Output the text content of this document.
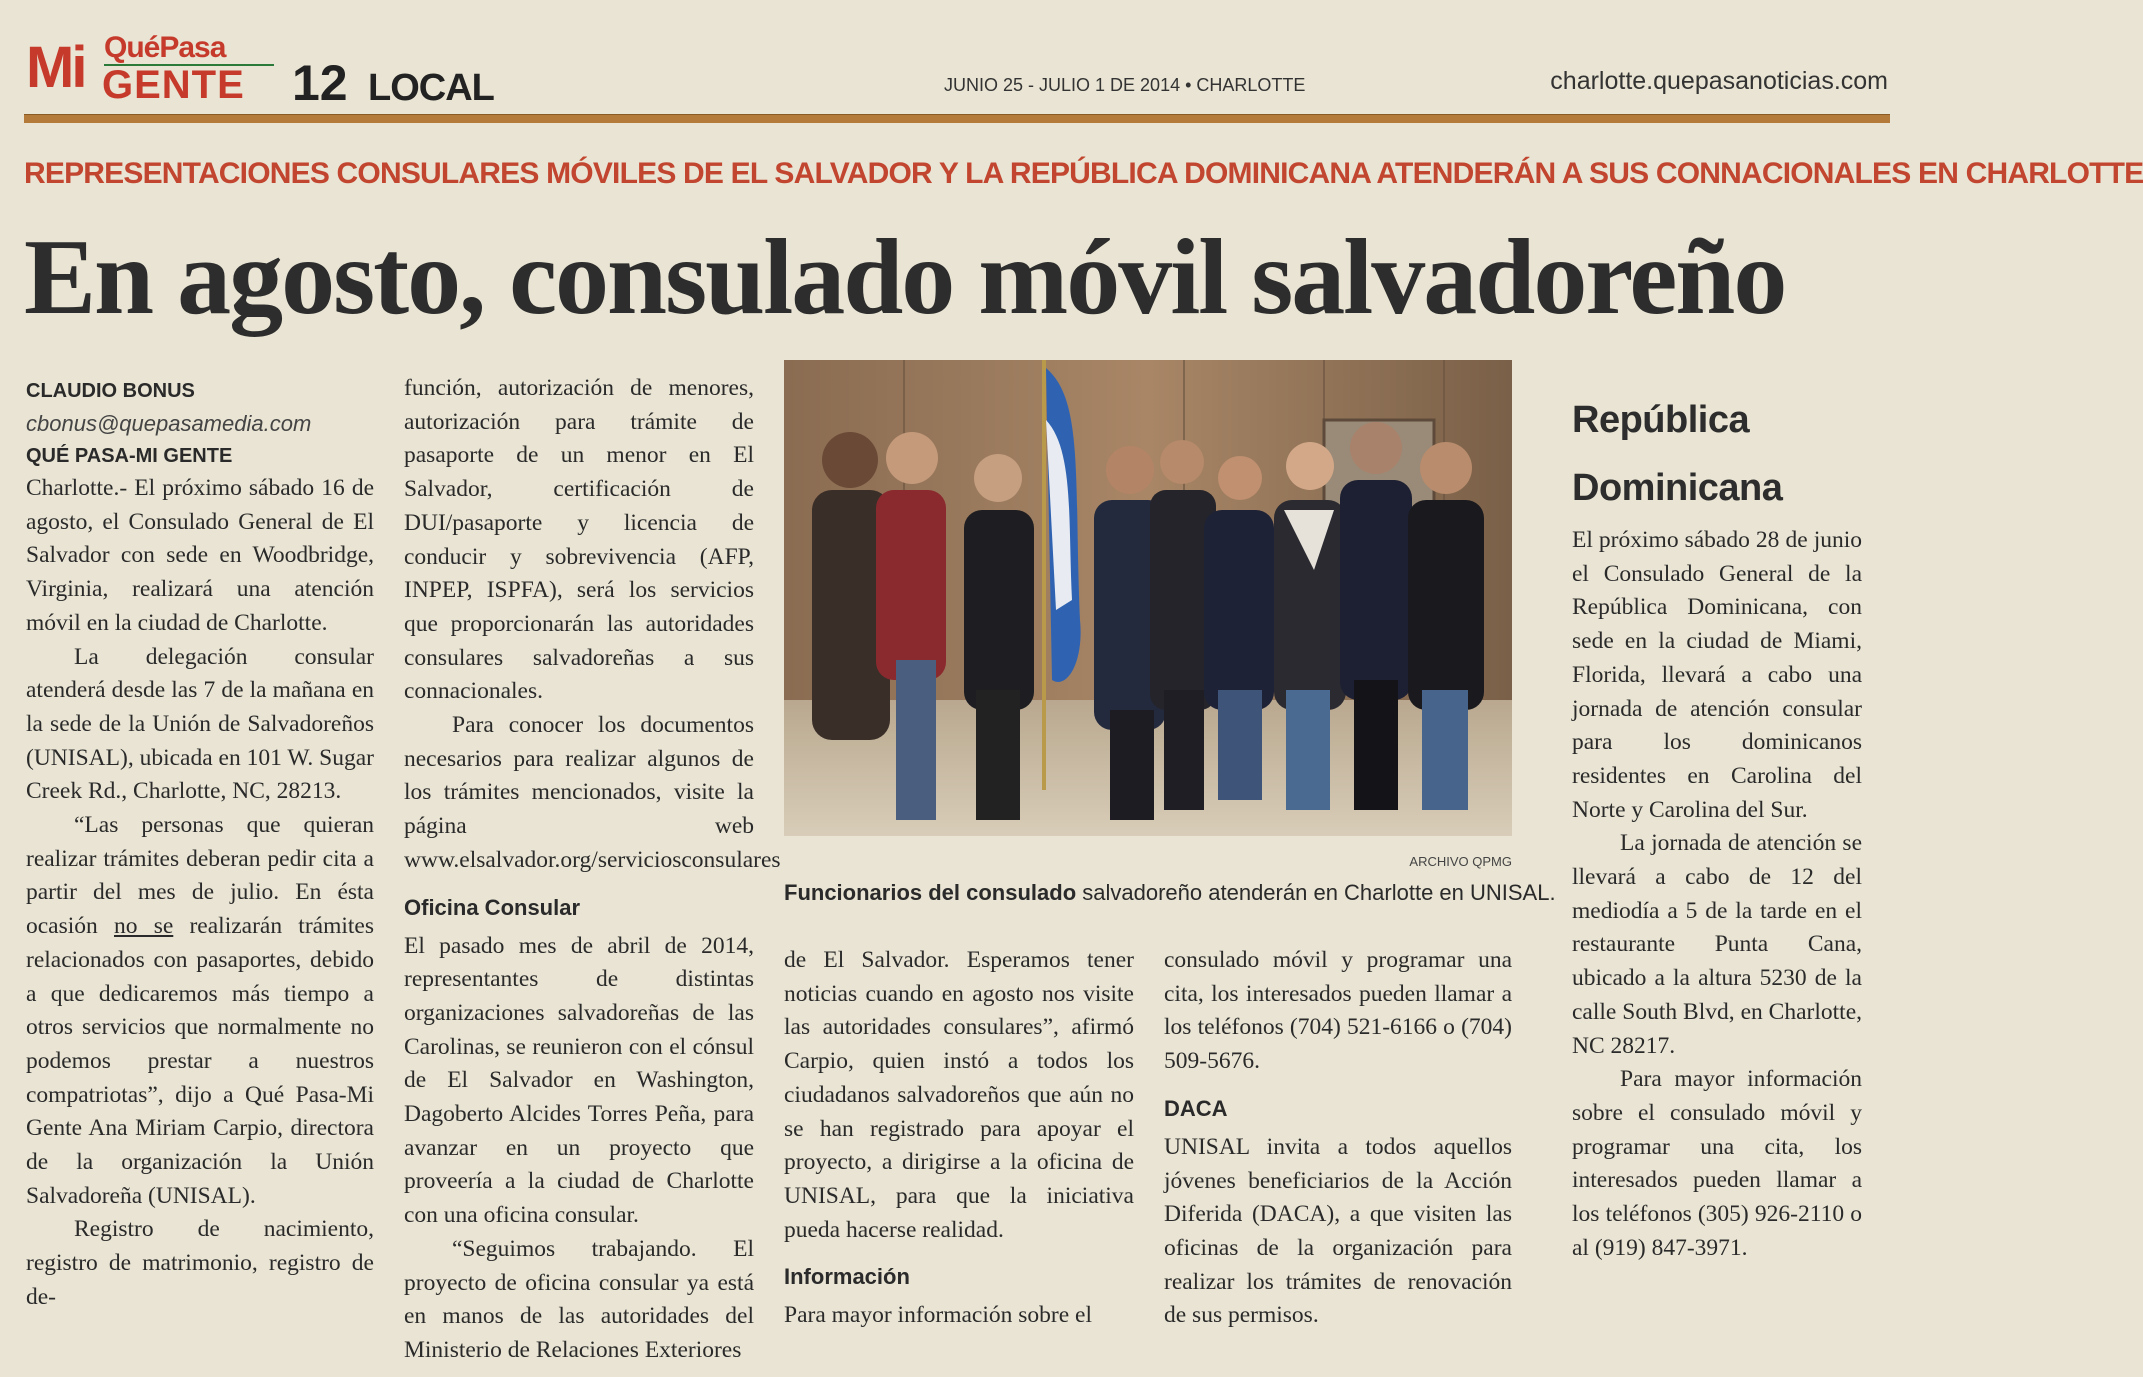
Mi QuéPasa
GENTE 12 LOCAL	JUNIO 25 - JULIO 1 DE 2014 • CHARLOTTE	charlotte.quepasanoticias.com
REPRESENTACIONES CONSULARES MÓVILES DE EL SALVADOR Y LA REPÚBLICA DOMINICANA ATENDERÁN A SUS CONNACIONALES EN CHARLOTTE
En agosto, consulado móvil salvadoreño
CLAUDIO BONUS
cbonus@quepasamedia.com
QUÉ PASA-MI GENTE

Charlotte.- El próximo sábado 16 de agosto, el Consulado General de El Salvador con sede en Woodbridge, Virginia, realizará una atención móvil en la ciudad de Charlotte.

La delegación consular atenderá desde las 7 de la mañana en la sede de la Unión de Salvadoreños (UNISAL), ubicada en 101 W. Sugar Creek Rd., Charlotte, NC, 28213.

“Las personas que quieran realizar trámites deberan pedir cita a partir del mes de julio. En ésta ocasión no se realizarán trámites relacionados con pasaportes, debido a que dedicaremos más tiempo a otros servicios que normalmente no podemos prestar a nuestros compatriotas”, dijo a Qué Pasa-Mi Gente Ana Miriam Carpio, directora de la organización la Unión Salvadoreña (UNISAL).

Registro de nacimiento, registro de matrimonio, registro de de-

función, autorización de menores, autorización para trámite de pasaporte de un menor en El Salvador, certificación de DUI/pasaporte y licencia de conducir y sobrevivencia (AFP, INPEP, ISPFA), será los servicios que proporcionarán las autoridades consulares salvadoreñas a sus connacionales.

Para conocer los documentos necesarios para realizar algunos de los trámites mencionados, visite la página web www.elsalvador.org/serviciosconsulares

Oficina Consular

El pasado mes de abril de 2014, representantes de distintas organizaciones salvadoreñas de las Carolinas, se reunieron con el cónsul de El Salvador en Washington, Dagoberto Alcides Torres Peña, para avanzar en un proyecto que proveería a la ciudad de Charlotte con una oficina consular.

“Seguimos trabajando. El proyecto de oficina consular ya está en manos de las autoridades del Ministerio de Relaciones Exteriores

ARCHIVO QPMG
Funcionarios del consulado salvadoreño atenderán en Charlotte en UNISAL.

de El Salvador. Esperamos tener noticias cuando en agosto nos visite las autoridades consulares”, afirmó Carpio, quien instó a todos los ciudadanos salvadoreños que aún no se han registrado para apoyar el proyecto, a dirigirse a la oficina de UNISAL, para que la iniciativa pueda hacerse realidad.

Información

Para mayor información sobre el

consulado móvil y programar una cita, los interesados pueden llamar a los teléfonos (704) 521-6166 o (704) 509-5676.

DACA

UNISAL invita a todos aquellos jóvenes beneficiarios de la Acción Diferida (DACA), a que visiten las oficinas de la organización para realizar los trámites de renovación de sus permisos.

República
Dominicana

El próximo sábado 28 de junio el Consulado General de la República Dominicana, con sede en la ciudad de Miami, Florida, llevará a cabo una jornada de atención consular para los dominicanos residentes en Carolina del Norte y Carolina del Sur.

La jornada de atención se llevará a cabo de 12 del mediodía a 5 de la tarde en el restaurante Punta Cana, ubicado a la altura 5230 de la calle South Blvd, en Charlotte, NC 28217.

Para mayor información sobre el consulado móvil y programar una cita, los interesados pueden llamar a los teléfonos (305) 926-2110 o al (919) 847-3971.
